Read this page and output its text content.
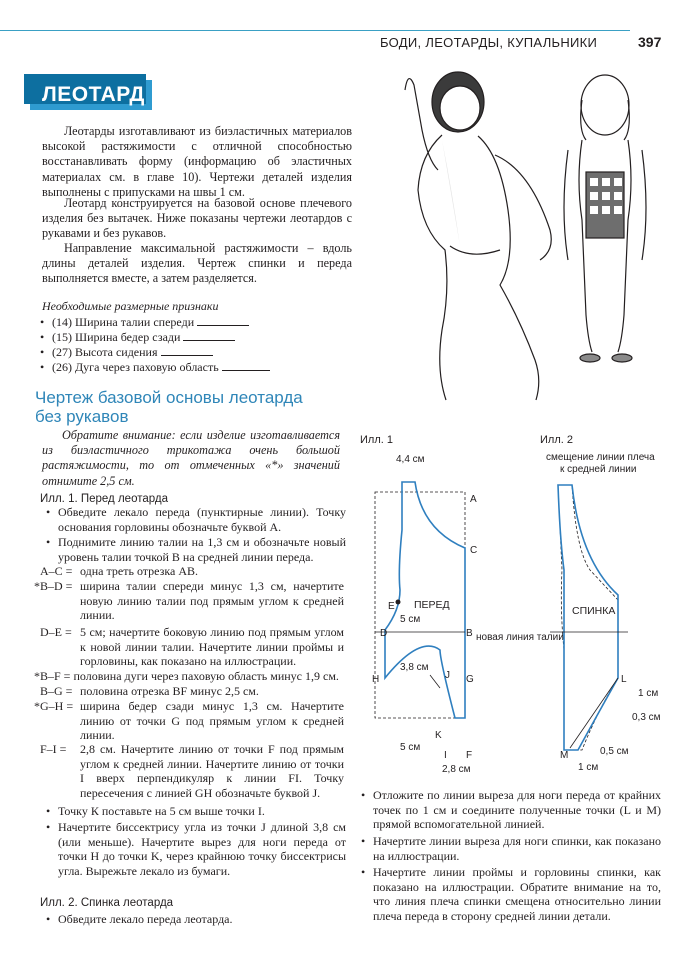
БОДИ, ЛЕОТАРДЫ, КУПАЛЬНИКИ	397
ЛЕОТАРД
Леотарды изготавливают из биэластичных материалов высокой растяжимости с отличной способностью восстанавливать форму (информацию об эластичных материалах см. в главе 10). Чертежи деталей изделия выполнены с припусками на швы 1 см.
Леотард конструируется на базовой основе плечевого изделия без вытачек. Ниже показаны чертежи леотардов с рукавами и без рукавов.
Направление максимальной растяжимости – вдоль длины деталей изделия. Чертеж спинки и переда выполняется вместе, а затем разделяется.
Необходимые размерные признаки
• (14) Ширина талии спереди
• (15) Ширина бедер сзади
• (27) Высота сидения
• (26) Дуга через паховую область
Чертеж базовой основы леотарда
без рукавов
Обратите внимание: если изделие изготавливается из биэластичного трикотажа очень большой растяжимости, то от отмеченных «*» значений отнимите 2,5 см.
Илл. 1. Перед леотарда
• Обведите лекало переда (пунктирные линии). Точку основания горловины обозначьте буквой А.
• Поднимите линию талии на 1,3 см и обозначьте новый уровень талии точкой В на средней линии переда.
А–С = одна треть отрезка АВ.
*В–D = ширина талии спереди минус 1,3 см, начертите новую линию талии под прямым углом к средней линии.
D–E = 5 см; начертите боковую линию под прямым углом к новой линии талии. Начертите линии проймы и горловины, как показано на иллюстрации.
*В–F = половина дуги через паховую область минус 1,9 см.
В–G = половина отрезка BF минус 2,5 см.
*G–H = ширина бедер сзади минус 1,3 см. Начертите линию от точки G под прямым углом к средней линии.
F–I = 2,8 см. Начертите линию от точки F под прямым углом к средней линии. Начертите линию от точки I вверх перпендикуляр к линии FI. Точку пересечения с линией GH обозначьте буквой J.
• Точку К поставьте на 5 см выше точки I.
• Начертите биссектрису угла из точки J длиной 3,8 см (или меньше). Начертите вырез для ноги переда от точки H до точки K, через крайнюю точку биссектрисы угла. Вырежьте лекало из бумаги.
Илл. 2. Спинка леотарда
• Обведите лекало переда леотарда.
• Отложите по линии выреза для ноги переда от крайних точек по 1 см и соедините полученные точки (L и M) прямой вспомогательной линией.
• Начертите линии выреза для ноги спинки, как показано на иллюстрации.
• Начертите линии проймы и горловины спинки, как показано на иллюстрации. Обратите внимание на то, что линия плеча спинки смещена относительно линии плеча переда в сторону средней линии детали.
Илл. 1	Илл. 2
4,4 см
A
C
E
5 см
D	B
ПЕРЕД
новая линия талии
H	G
3,8 см
J
K
5 см
I F
2,8 см
смещение линии плеча
к средней линии
СПИНКА
L
1 см
0,3 см
M	0,5 см
1 см
